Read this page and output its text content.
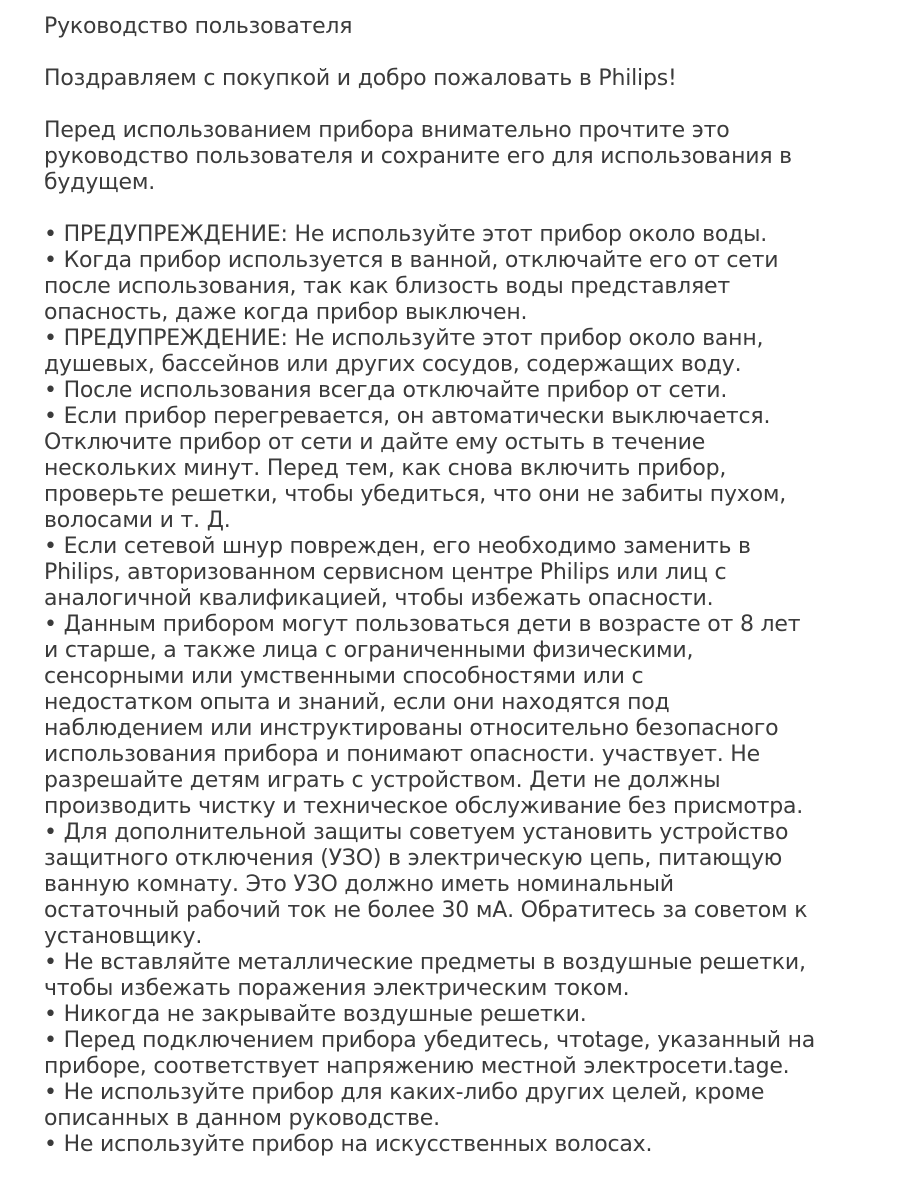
Руководство пользователя
Поздравляем с покупкой и добро пожаловать в Philips!
Перед использованием прибора внимательно прочтите это
руководство пользователя и сохраните его для использования в
будущем.
• ПРЕДУПРЕЖДЕНИЕ: Не используйте этот прибор около воды.
• Когда прибор используется в ванной, отключайте его от сети
после использования, так как близость воды представляет
опасность, даже когда прибор выключен.
• ПРЕДУПРЕЖДЕНИЕ: Не используйте этот прибор около ванн,
душевых, бассейнов или других сосудов, содержащих воду.
• После использования всегда отключайте прибор от сети.
• Если прибор перегревается, он автоматически выключается.
Отключите прибор от сети и дайте ему остыть в течение
нескольких минут. Перед тем, как снова включить прибор,
проверьте решетки, чтобы убедиться, что они не забиты пухом,
волосами и т. Д.
• Если сетевой шнур поврежден, его необходимо заменить в
Philips, авторизованном сервисном центре Philips или лиц с
аналогичной квалификацией, чтобы избежать опасности.
• Данным прибором могут пользоваться дети в возрасте от 8 лет
и старше, а также лица с ограниченными физическими,
сенсорными или умственными способностями или с
недостатком опыта и знаний, если они находятся под
наблюдением или инструктированы относительно безопасного
использования прибора и понимают опасности. участвует. Не
разрешайте детям играть с устройством. Дети не должны
производить чистку и техническое обслуживание без присмотра.
• Для дополнительной защиты советуем установить устройство
защитного отключения (УЗО) в электрическую цепь, питающую
ванную комнату. Это УЗО должно иметь номинальный
остаточный рабочий ток не более 30 мА. Обратитесь за советом к
установщику.
• Не вставляйте металлические предметы в воздушные решетки,
чтобы избежать поражения электрическим током.
• Никогда не закрывайте воздушные решетки.
• Перед подключением прибора убедитесь, чтоtage, указанный на
приборе, соответствует напряжению местной электросети.tage.
• Не используйте прибор для каких-либо других целей, кроме
описанных в данном руководстве.
• Не используйте прибор на искусственных волосах.
